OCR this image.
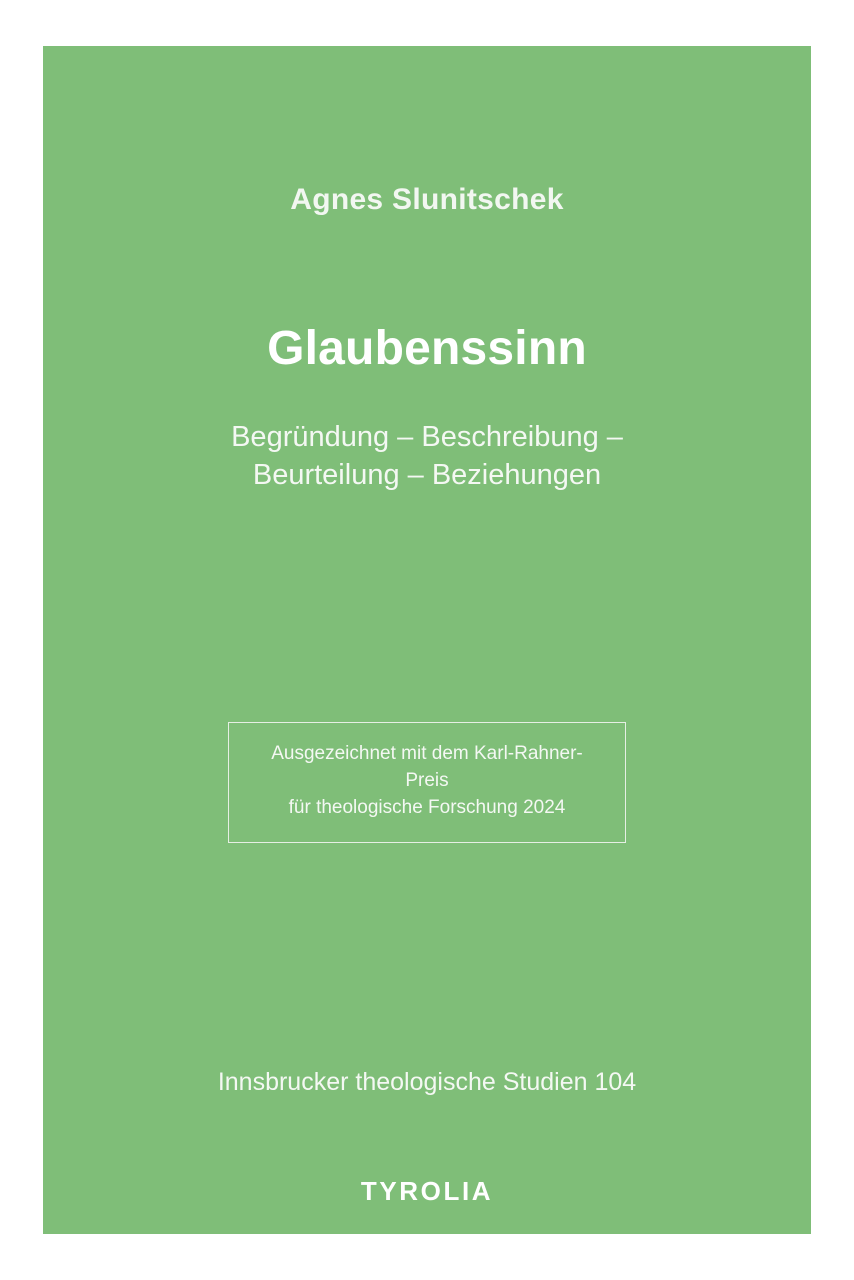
Agnes Slunitschek
Glaubenssinn
Begründung – Beschreibung –
Beurteilung – Beziehungen
Ausgezeichnet mit dem Karl-Rahner-Preis
für theologische Forschung 2024
Innsbrucker theologische Studien 104
TYROLIA
